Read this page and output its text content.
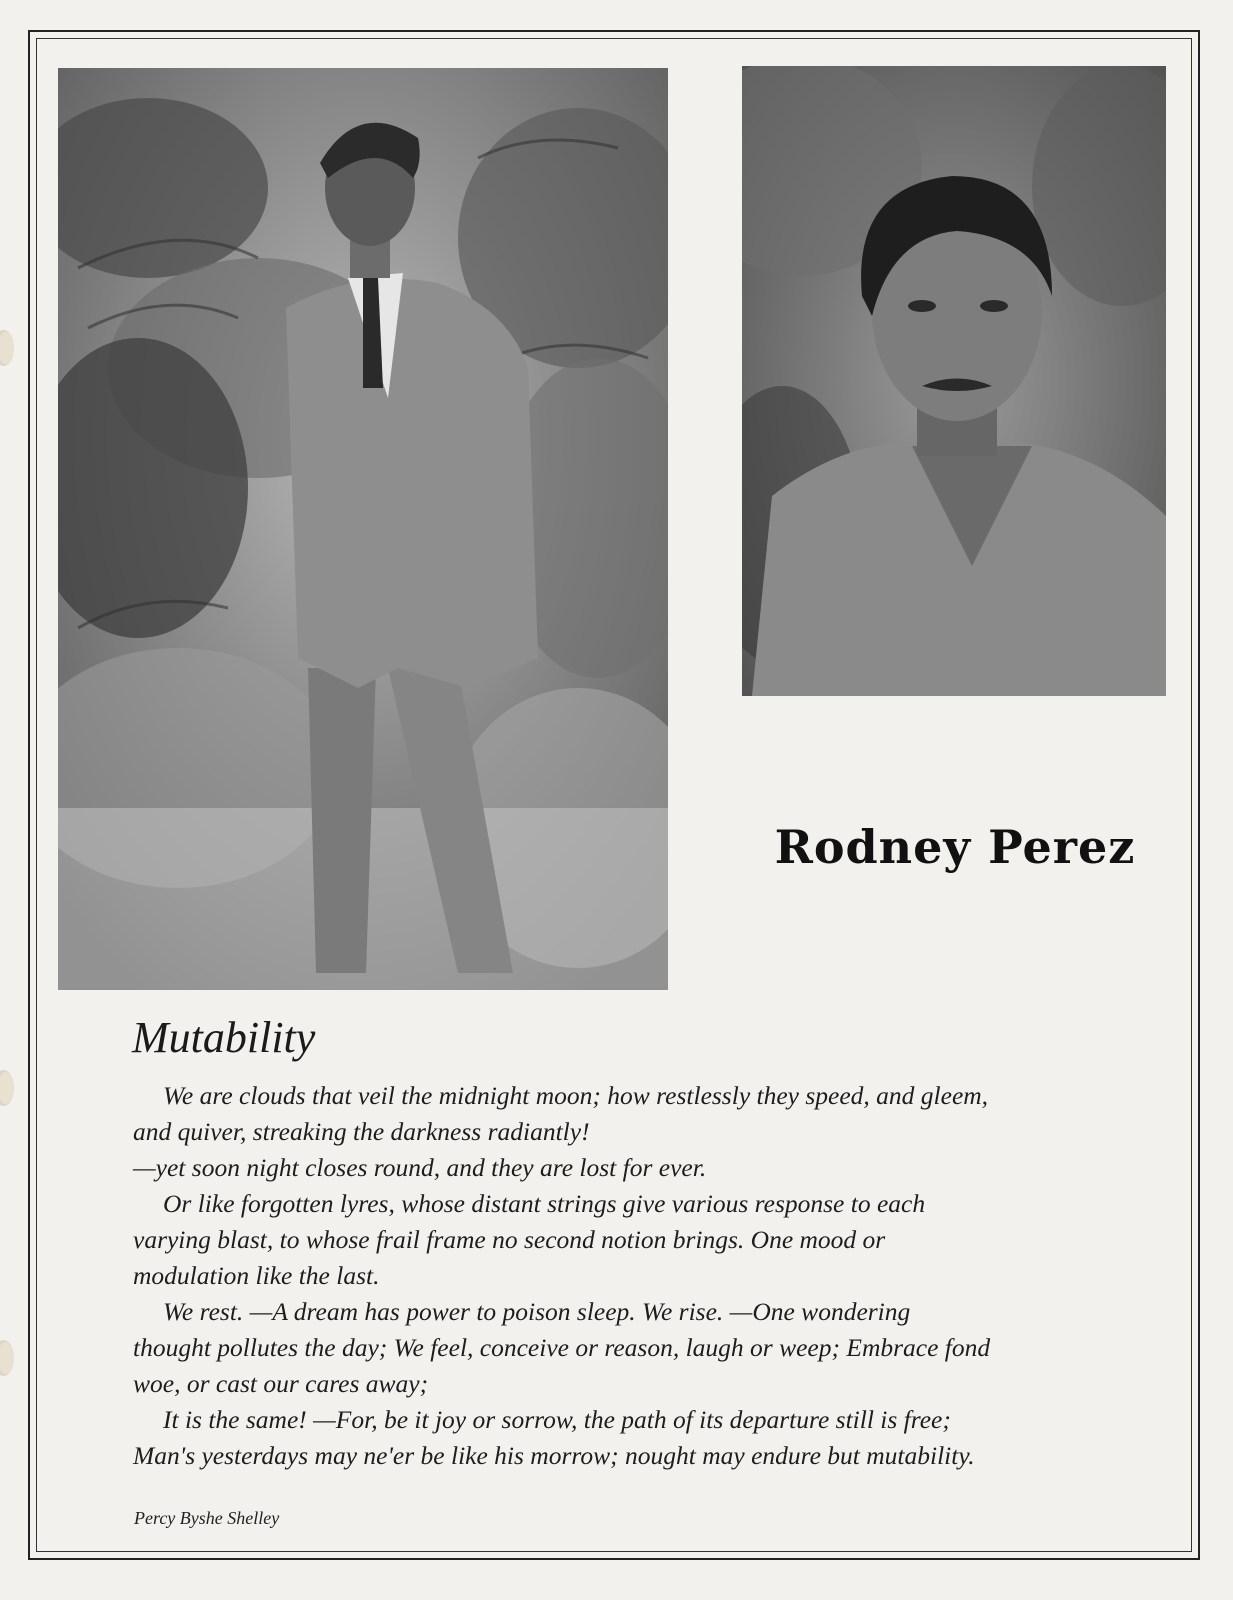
Rodney Perez
Mutability
We are clouds that veil the midnight moon; how restlessly they speed, and gleem,
and quiver, streaking the darkness radiantly!
—yet soon night closes round, and they are lost for ever.
Or like forgotten lyres, whose distant strings give various response to each
varying blast, to whose frail frame no second notion brings. One mood or
modulation like the last.
We rest. —A dream has power to poison sleep. We rise. —One wondering
thought pollutes the day; We feel, conceive or reason, laugh or weep; Embrace fond
woe, or cast our cares away;
It is the same! —For, be it joy or sorrow, the path of its departure still is free;
Man's yesterdays may ne'er be like his morrow; nought may endure but mutability.
Percy Byshe Shelley
